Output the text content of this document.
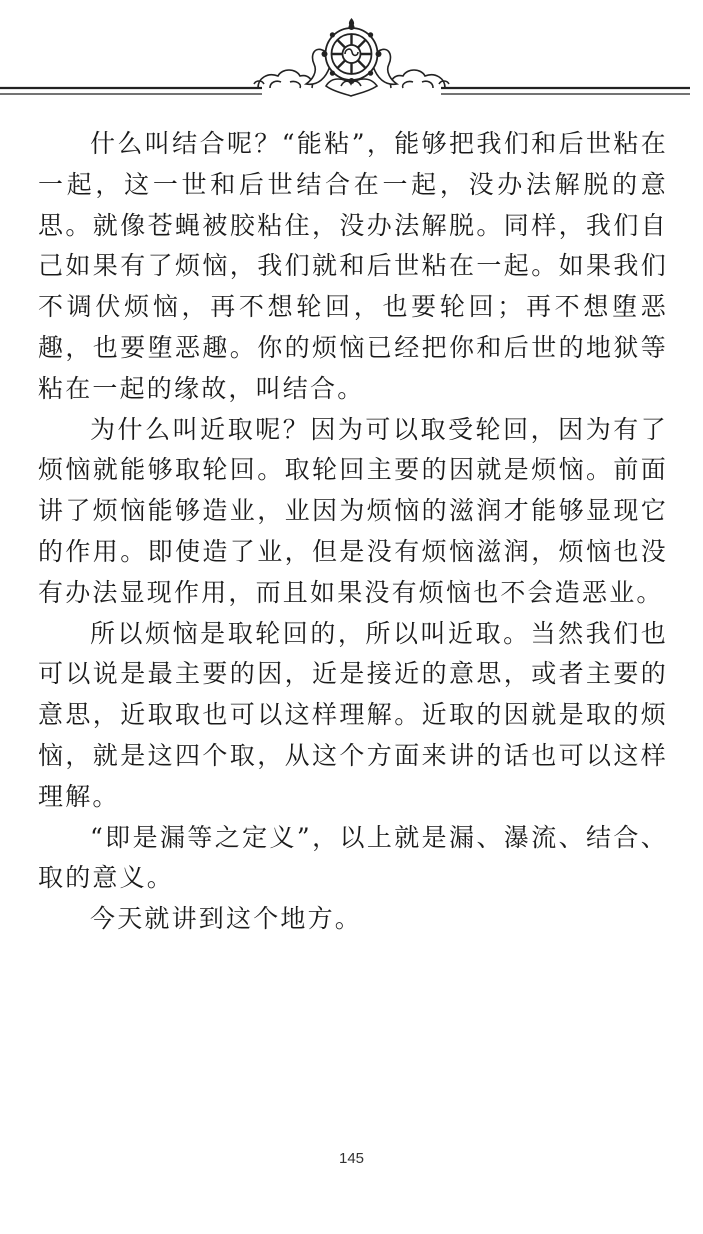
什么叫结合呢？“能粘”，能够把我们和后世粘在一起，这一世和后世结合在一起，没办法解脱的意思。就像苍蝇被胶粘住，没办法解脱。同样，我们自己如果有了烦恼，我们就和后世粘在一起。如果我们不调伏烦恼，再不想轮回，也要轮回；再不想堕恶趣，也要堕恶趣。你的烦恼已经把你和后世的地狱等粘在一起的缘故，叫结合。

为什么叫近取呢？因为可以取受轮回，因为有了烦恼就能够取轮回。取轮回主要的因就是烦恼。前面讲了烦恼能够造业，业因为烦恼的滋润才能够显现它的作用。即使造了业，但是没有烦恼滋润，烦恼也没有办法显现作用，而且如果没有烦恼也不会造恶业。

所以烦恼是取轮回的，所以叫近取。当然我们也可以说是最主要的因，近是接近的意思，或者主要的意思，近取取也可以这样理解。近取的因就是取的烦恼，就是这四个取，从这个方面来讲的话也可以这样理解。

“即是漏等之定义”，以上就是漏、瀑流、结合、取的意义。

今天就讲到这个地方。

145
